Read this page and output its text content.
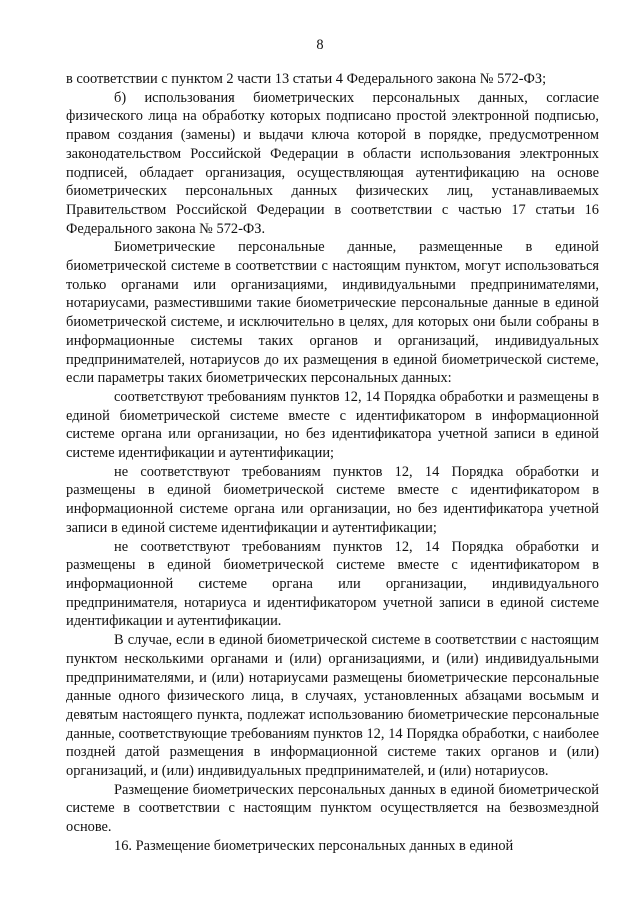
8

в соответствии с пунктом 2 части 13 статьи 4 Федерального закона № 572-ФЗ;

б) использования биометрических персональных данных, согласие физического лица на обработку которых подписано простой электронной подписью, правом создания (замены) и выдачи ключа которой в порядке, предусмотренном законодательством Российской Федерации в области использования электронных подписей, обладает организация, осуществляющая аутентификацию на основе биометрических персональных данных физических лиц, устанавливаемых Правительством Российской Федерации в соответствии с частью 17 статьи 16 Федерального закона № 572-ФЗ.

Биометрические персональные данные, размещенные в единой биометрической системе в соответствии с настоящим пунктом, могут использоваться только органами или организациями, индивидуальными предпринимателями, нотариусами, разместившими такие биометрические персональные данные в единой биометрической системе, и исключительно в целях, для которых они были собраны в информационные системы таких органов и организаций, индивидуальных предпринимателей, нотариусов до их размещения в единой биометрической системе, если параметры таких биометрических персональных данных:

соответствуют требованиям пунктов 12, 14 Порядка обработки и размещены в единой биометрической системе вместе с идентификатором в информационной системе органа или организации, но без идентификатора учетной записи в единой системе идентификации и аутентификации;

не соответствуют требованиям пунктов 12, 14 Порядка обработки и размещены в единой биометрической системе вместе с идентификатором в информационной системе органа или организации, но без идентификатора учетной записи в единой системе идентификации и аутентификации;

не соответствуют требованиям пунктов 12, 14 Порядка обработки и размещены в единой биометрической системе вместе с идентификатором в информационной системе органа или организации, индивидуального предпринимателя, нотариуса и идентификатором учетной записи в единой системе идентификации и аутентификации.

В случае, если в единой биометрической системе в соответствии с настоящим пунктом несколькими органами и (или) организациями, и (или) индивидуальными предпринимателями, и (или) нотариусами размещены биометрические персональные данные одного физического лица, в случаях, установленных абзацами восьмым и девятым настоящего пункта, подлежат использованию биометрические персональные данные, соответствующие требованиям пунктов 12, 14 Порядка обработки, с наиболее поздней датой размещения в информационной системе таких органов и (или) организаций, и (или) индивидуальных предпринимателей, и (или) нотариусов.

Размещение биометрических персональных данных в единой биометрической системе в соответствии с настоящим пунктом осуществляется на безвозмездной основе.

16. Размещение биометрических персональных данных в единой
